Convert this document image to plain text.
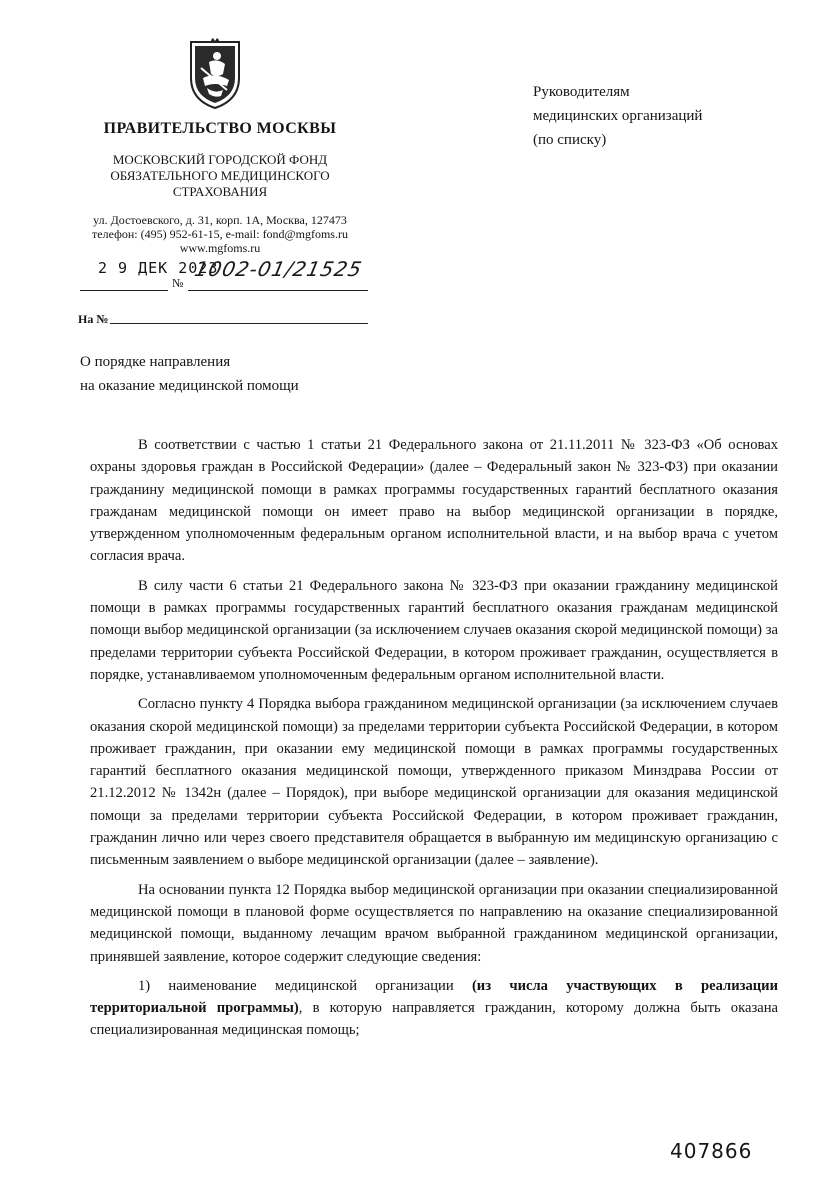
ПРАВИТЕЛЬСТВО МОСКВЫ
МОСКОВСКИЙ ГОРОДСКОЙ ФОНД
ОБЯЗАТЕЛЬНОГО МЕДИЦИНСКОГО
СТРАХОВАНИЯ
ул. Достоевского, д. 31, корп. 1А, Москва, 127473
телефон: (495) 952-61-15, e-mail: fond@mgfoms.ru
www.mgfoms.ru
2 9 ДЕК 2023
№
1002-01/21525
На №
Руководителям
медицинских организаций
(по списку)
О порядке направления
на оказание медицинской помощи

В соответствии с частью 1 статьи 21 Федерального закона от 21.11.2011 № 323-ФЗ «Об основах охраны здоровья граждан в Российской Федерации» (далее – Федеральный закон № 323-ФЗ) при оказании гражданину медицинской помощи в рамках программы государственных гарантий бесплатного оказания гражданам медицинской помощи он имеет право на выбор медицинской организации в порядке, утвержденном уполномоченным федеральным органом исполнительной власти, и на выбор врача с учетом согласия врача.

В силу части 6 статьи 21 Федерального закона № 323-ФЗ при оказании гражданину медицинской помощи в рамках программы государственных гарантий бесплатного оказания гражданам медицинской помощи выбор медицинской организации (за исключением случаев оказания скорой медицинской помощи) за пределами территории субъекта Российской Федерации, в котором проживает гражданин, осуществляется в порядке, устанавливаемом уполномоченным федеральным органом исполнительной власти.

Согласно пункту 4 Порядка выбора гражданином медицинской организации (за исключением случаев оказания скорой медицинской помощи) за пределами территории субъекта Российской Федерации, в котором проживает гражданин, при оказании ему медицинской помощи в рамках программы государственных гарантий бесплатного оказания медицинской помощи, утвержденного приказом Минздрава России от 21.12.2012 № 1342н (далее – Порядок), при выборе медицинской организации для оказания медицинской помощи за пределами территории субъекта Российской Федерации, в котором проживает гражданин, гражданин лично или через своего представителя обращается в выбранную им медицинскую организацию с письменным заявлением о выборе медицинской организации (далее – заявление).

На основании пункта 12 Порядка выбор медицинской организации при оказании специализированной медицинской помощи в плановой форме осуществляется по направлению на оказание специализированной медицинской помощи, выданному лечащим врачом выбранной гражданином медицинской организации, принявшей заявление, которое содержит следующие сведения:

1) наименование медицинской организации (из числа участвующих в реализации территориальной программы), в которую направляется гражданин, которому должна быть оказана специализированная медицинская помощь;

407866
